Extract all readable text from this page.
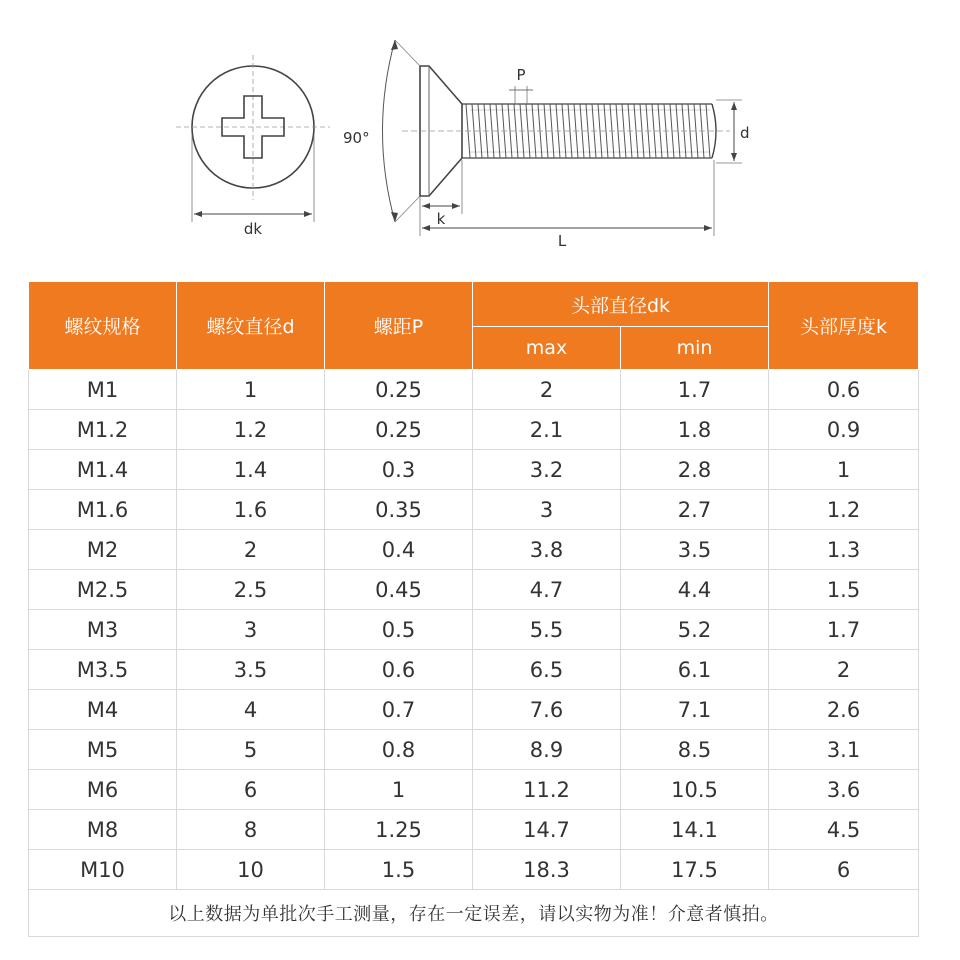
dk
90°
P
d
k
L
螺纹规格	螺纹直径d	螺距P	头部直径dk		头部厚度k
			max	min	
M1	1	0.25	2	1.7	0.6
M1.2	1.2	0.25	2.1	1.8	0.9
M1.4	1.4	0.3	3.2	2.8	1
M1.6	1.6	0.35	3	2.7	1.2
M2	2	0.4	3.8	3.5	1.3
M2.5	2.5	0.45	4.7	4.4	1.5
M3	3	0.5	5.5	5.2	1.7
M3.5	3.5	0.6	6.5	6.1	2
M4	4	0.7	7.6	7.1	2.6
M5	5	0.8	8.9	8.5	3.1
M6	6	1	11.2	10.5	3.6
M8	8	1.25	14.7	14.1	4.5
M10	10	1.5	18.3	17.5	6
以上数据为单批次手工测量，存在一定误差，请以实物为准！介意者慎拍。					
